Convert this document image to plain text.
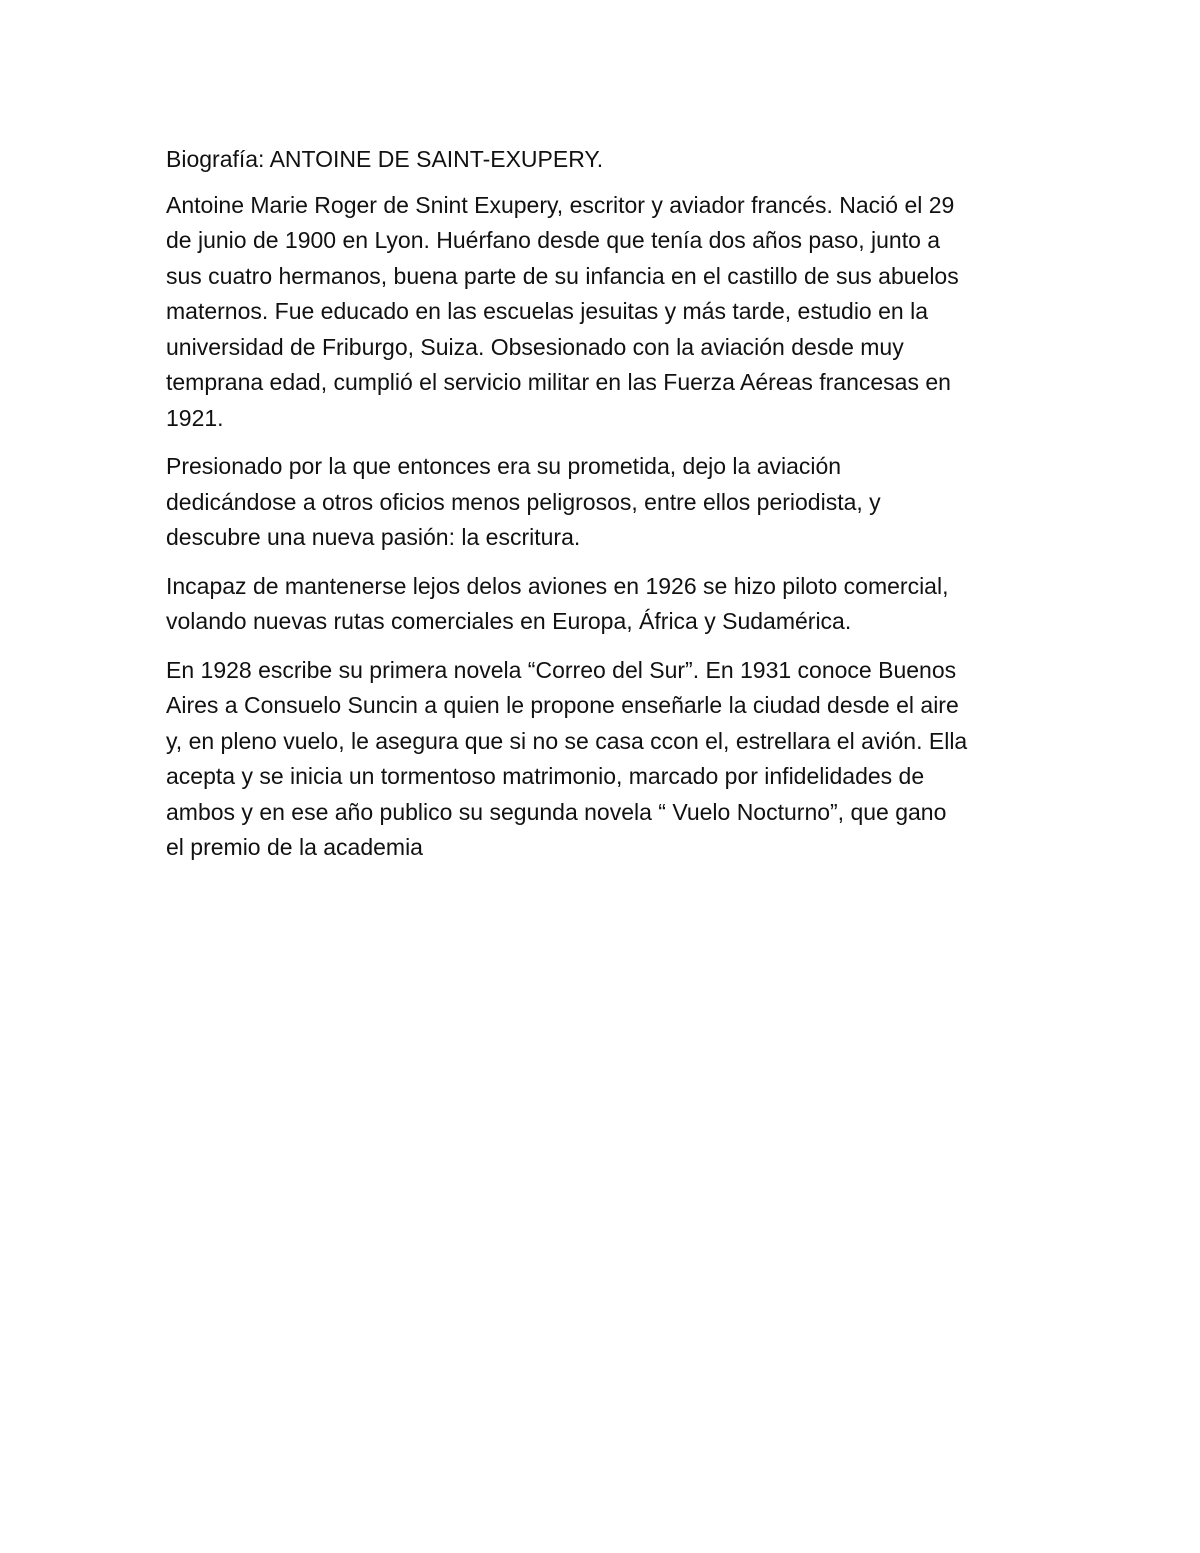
Biografía: ANTOINE DE SAINT-EXUPERY.
Antoine Marie Roger de Snint Exupery, escritor y aviador francés. Nació el 29
de junio de 1900 en Lyon. Huérfano desde que tenía dos años paso, junto a
sus cuatro hermanos, buena parte de su infancia en el castillo de sus abuelos
maternos. Fue educado en las escuelas jesuitas y más tarde, estudio en la
universidad de Friburgo, Suiza. Obsesionado con la aviación desde muy
temprana edad, cumplió el servicio militar en las Fuerza Aéreas francesas en
1921.
Presionado por la que entonces era su prometida, dejo la aviación
dedicándose a otros oficios menos peligrosos, entre ellos periodista, y
descubre una nueva pasión: la escritura.
Incapaz de mantenerse lejos delos aviones en 1926 se hizo piloto comercial,
volando nuevas rutas comerciales en Europa, África y Sudamérica.
En 1928 escribe su primera novela “Correo del Sur”. En 1931 conoce Buenos
Aires a Consuelo Suncin a quien le propone enseñarle la ciudad desde el aire
y, en pleno vuelo, le asegura que si no se casa ccon el, estrellara el avión. Ella
acepta y se inicia un tormentoso matrimonio, marcado por infidelidades de
ambos y en ese año publico su segunda novela “ Vuelo Nocturno”, que gano
el premio de la academia
